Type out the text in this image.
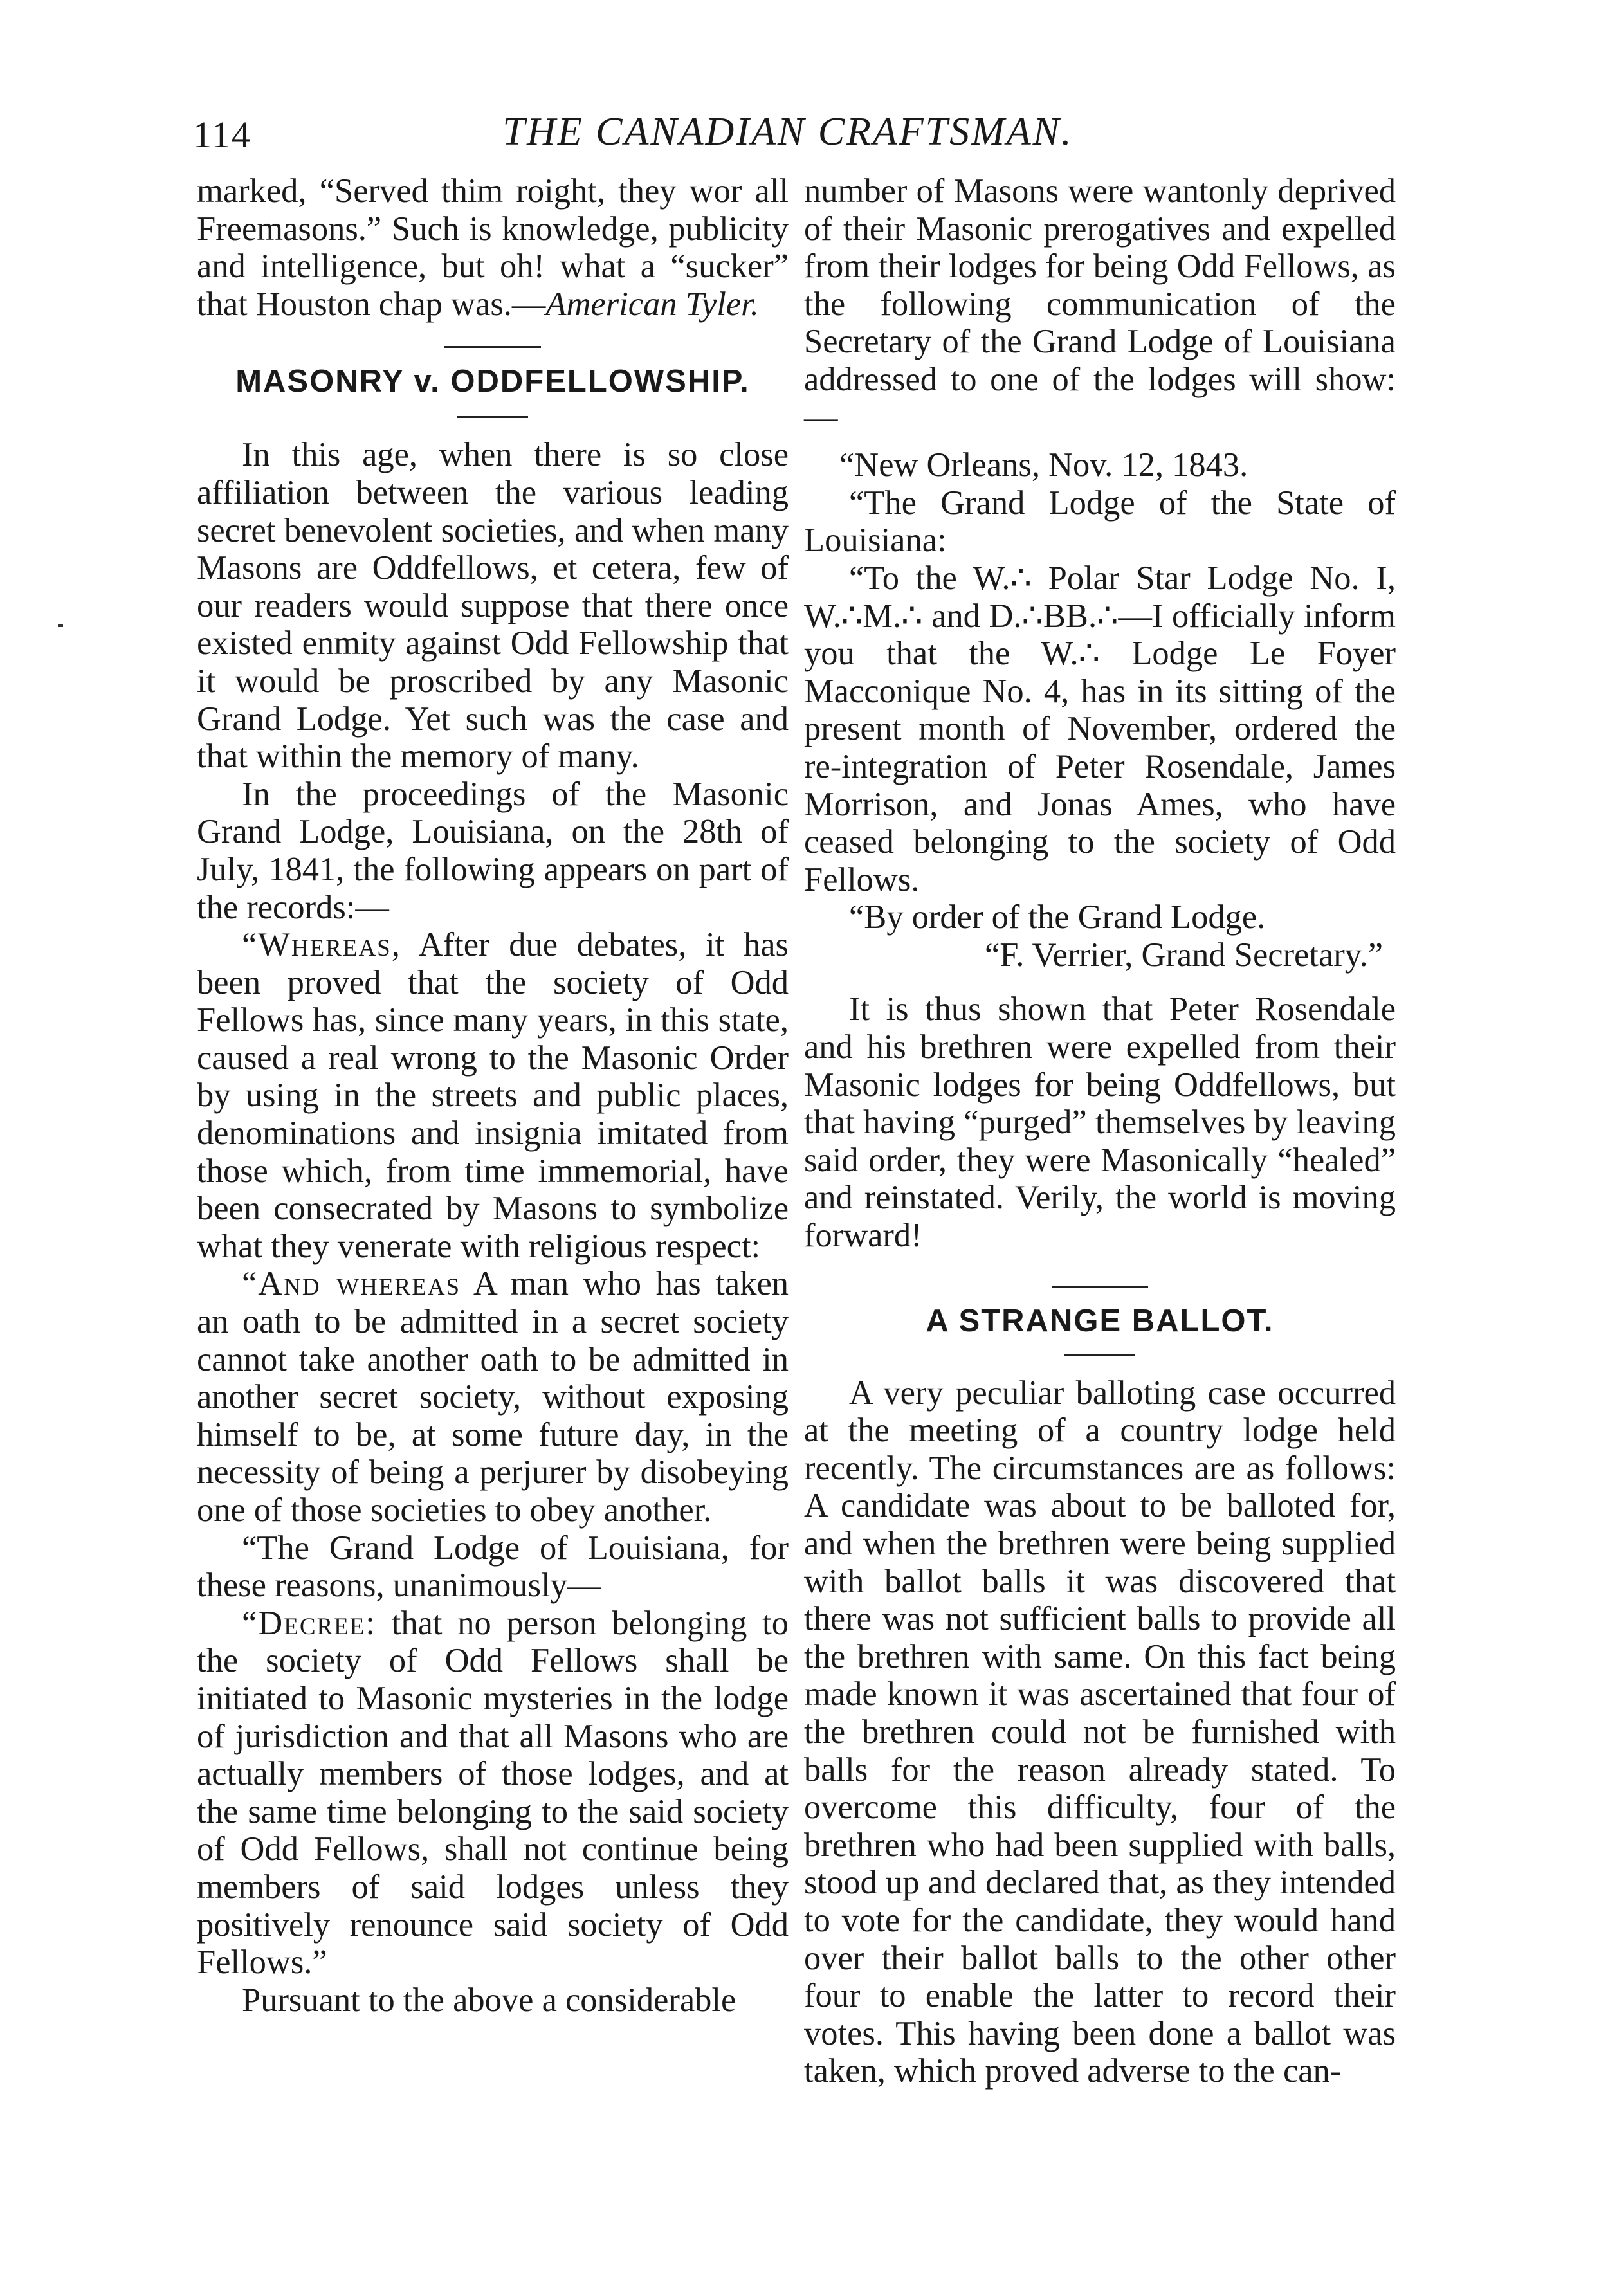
114	THE CANADIAN CRAFTSMAN.

marked, “Served thim roight, they wor all Freemasons.” Such is knowledge, publicity and intelligence, but oh! what a “sucker” that Houston chap was.—American Tyler.

MASONRY v. ODDFELLOWSHIP.

In this age, when there is so close affiliation between the various leading secret benevolent societies, and when many Masons are Oddfellows, et cetera, few of our readers would suppose that there once existed enmity against Odd Fellowship that it would be proscribed by any Masonic Grand Lodge. Yet such was the case and that within the memory of many.

In the proceedings of the Masonic Grand Lodge, Louisiana, on the 28th of July, 1841, the following appears on part of the records:—

“Whereas, After due debates, it has been proved that the society of Odd Fellows has, since many years, in this state, caused a real wrong to the Masonic Order by using in the streets and public places, denominations and insignia imitated from those which, from time immemorial, have been consecrated by Masons to symbolize what they venerate with religious respect:

“And whereas A man who has taken an oath to be admitted in a secret society cannot take another oath to be admitted in another secret society, without exposing himself to be, at some future day, in the necessity of being a perjurer by disobeying one of those societies to obey another.

“The Grand Lodge of Louisiana, for these reasons, unanimously—

“Decree: that no person belonging to the society of Odd Fellows shall be initiated to Masonic mysteries in the lodge of jurisdiction and that all Masons who are actually members of those lodges, and at the same time belonging to the said society of Odd Fellows, shall not continue being members of said lodges unless they positively renounce said society of Odd Fellows.”

Pursuant to the above a considerable

number of Masons were wantonly deprived of their Masonic prerogatives and expelled from their lodges for being Odd Fellows, as the following communication of the Secretary of the Grand Lodge of Louisiana addressed to one of the lodges will show:—

“New Orleans, Nov. 12, 1843.

“The Grand Lodge of the State of Louisiana:

“To the W.∴ Polar Star Lodge No. I, W.∴M.∴ and D.∴BB.∴—I officially inform you that the W.∴ Lodge Le Foyer Macconique No. 4, has in its sitting of the present month of November, ordered the re-integration of Peter Rosendale, James Morrison, and Jonas Ames, who have ceased belonging to the society of Odd Fellows.

“By order of the Grand Lodge.

“F. Verrier, Grand Secretary.”

It is thus shown that Peter Rosendale and his brethren were expelled from their Masonic lodges for being Oddfellows, but that having “purged” themselves by leaving said order, they were Masonically “healed” and reinstated. Verily, the world is moving forward!

A STRANGE BALLOT.

A very peculiar balloting case occurred at the meeting of a country lodge held recently. The circumstances are as follows: A candidate was about to be balloted for, and when the brethren were being supplied with ballot balls it was discovered that there was not sufficient balls to provide all the brethren with same. On this fact being made known it was ascertained that four of the brethren could not be furnished with balls for the reason already stated. To overcome this difficulty, four of the brethren who had been supplied with balls, stood up and declared that, as they intended to vote for the candidate, they would hand over their ballot balls to the other other four to enable the latter to record their votes. This having been done a ballot was taken, which proved adverse to the can-
